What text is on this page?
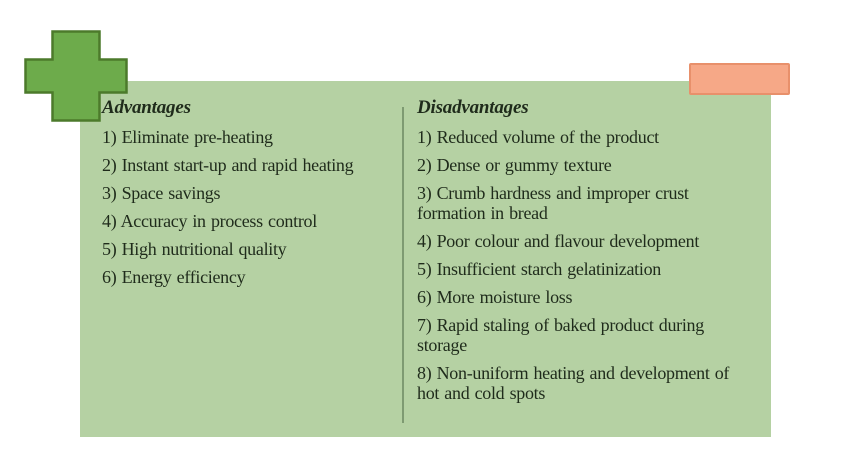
Advantages

1) Eliminate pre-heating

2) Instant start-up and rapid heating

3) Space savings

4) Accuracy in process control

5) High nutritional quality

6) Energy efficiency

Disadvantages

1) Reduced volume of the product

2) Dense or gummy texture

3) Crumb hardness and improper crust formation in bread

4) Poor colour and flavour development

5) Insufficient starch gelatinization

6) More moisture loss

7) Rapid staling of baked product during storage

8) Non-uniform heating and development of hot and cold spots
